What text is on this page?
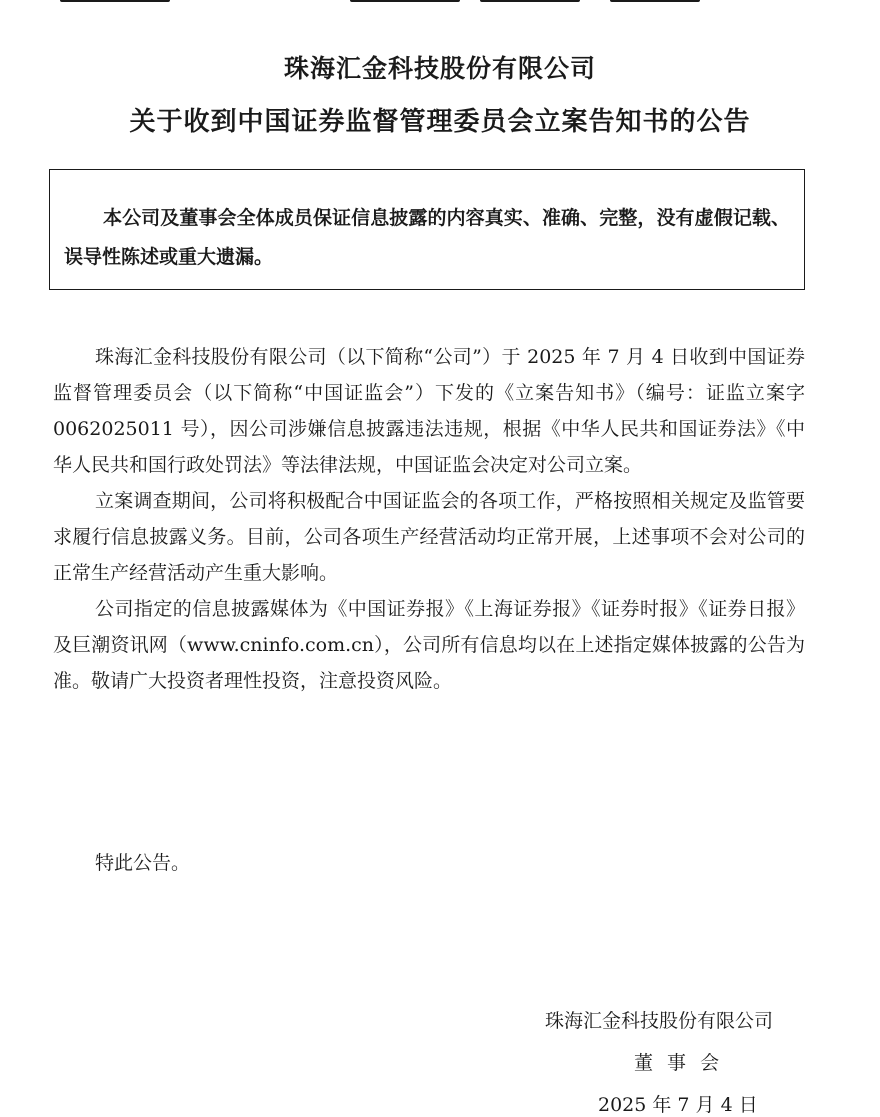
珠海汇金科技股份有限公司
关于收到中国证券监督管理委员会立案告知书的公告
本公司及董事会全体成员保证信息披露的内容真实、准确、完整，没有虚假记载、误导性陈述或重大遗漏。

珠海汇金科技股份有限公司（以下简称“公司”）于 2025 年 7 月 4 日收到中国证券监督管理委员会（以下简称“中国证监会”）下发的《立案告知书》（编号：证监立案字 0062025011 号），因公司涉嫌信息披露违法违规，根据《中华人民共和国证券法》《中华人民共和国行政处罚法》等法律法规，中国证监会决定对公司立案。

立案调查期间，公司将积极配合中国证监会的各项工作，严格按照相关规定及监管要求履行信息披露义务。目前，公司各项生产经营活动均正常开展，上述事项不会对公司的正常生产经营活动产生重大影响。

公司指定的信息披露媒体为《中国证券报》《上海证券报》《证券时报》《证券日报》及巨潮资讯网（www.cninfo.com.cn），公司所有信息均以在上述指定媒体披露的公告为准。敬请广大投资者理性投资，注意投资风险。

特此公告。

珠海汇金科技股份有限公司

董 事 会

2025 年 7 月 4 日
